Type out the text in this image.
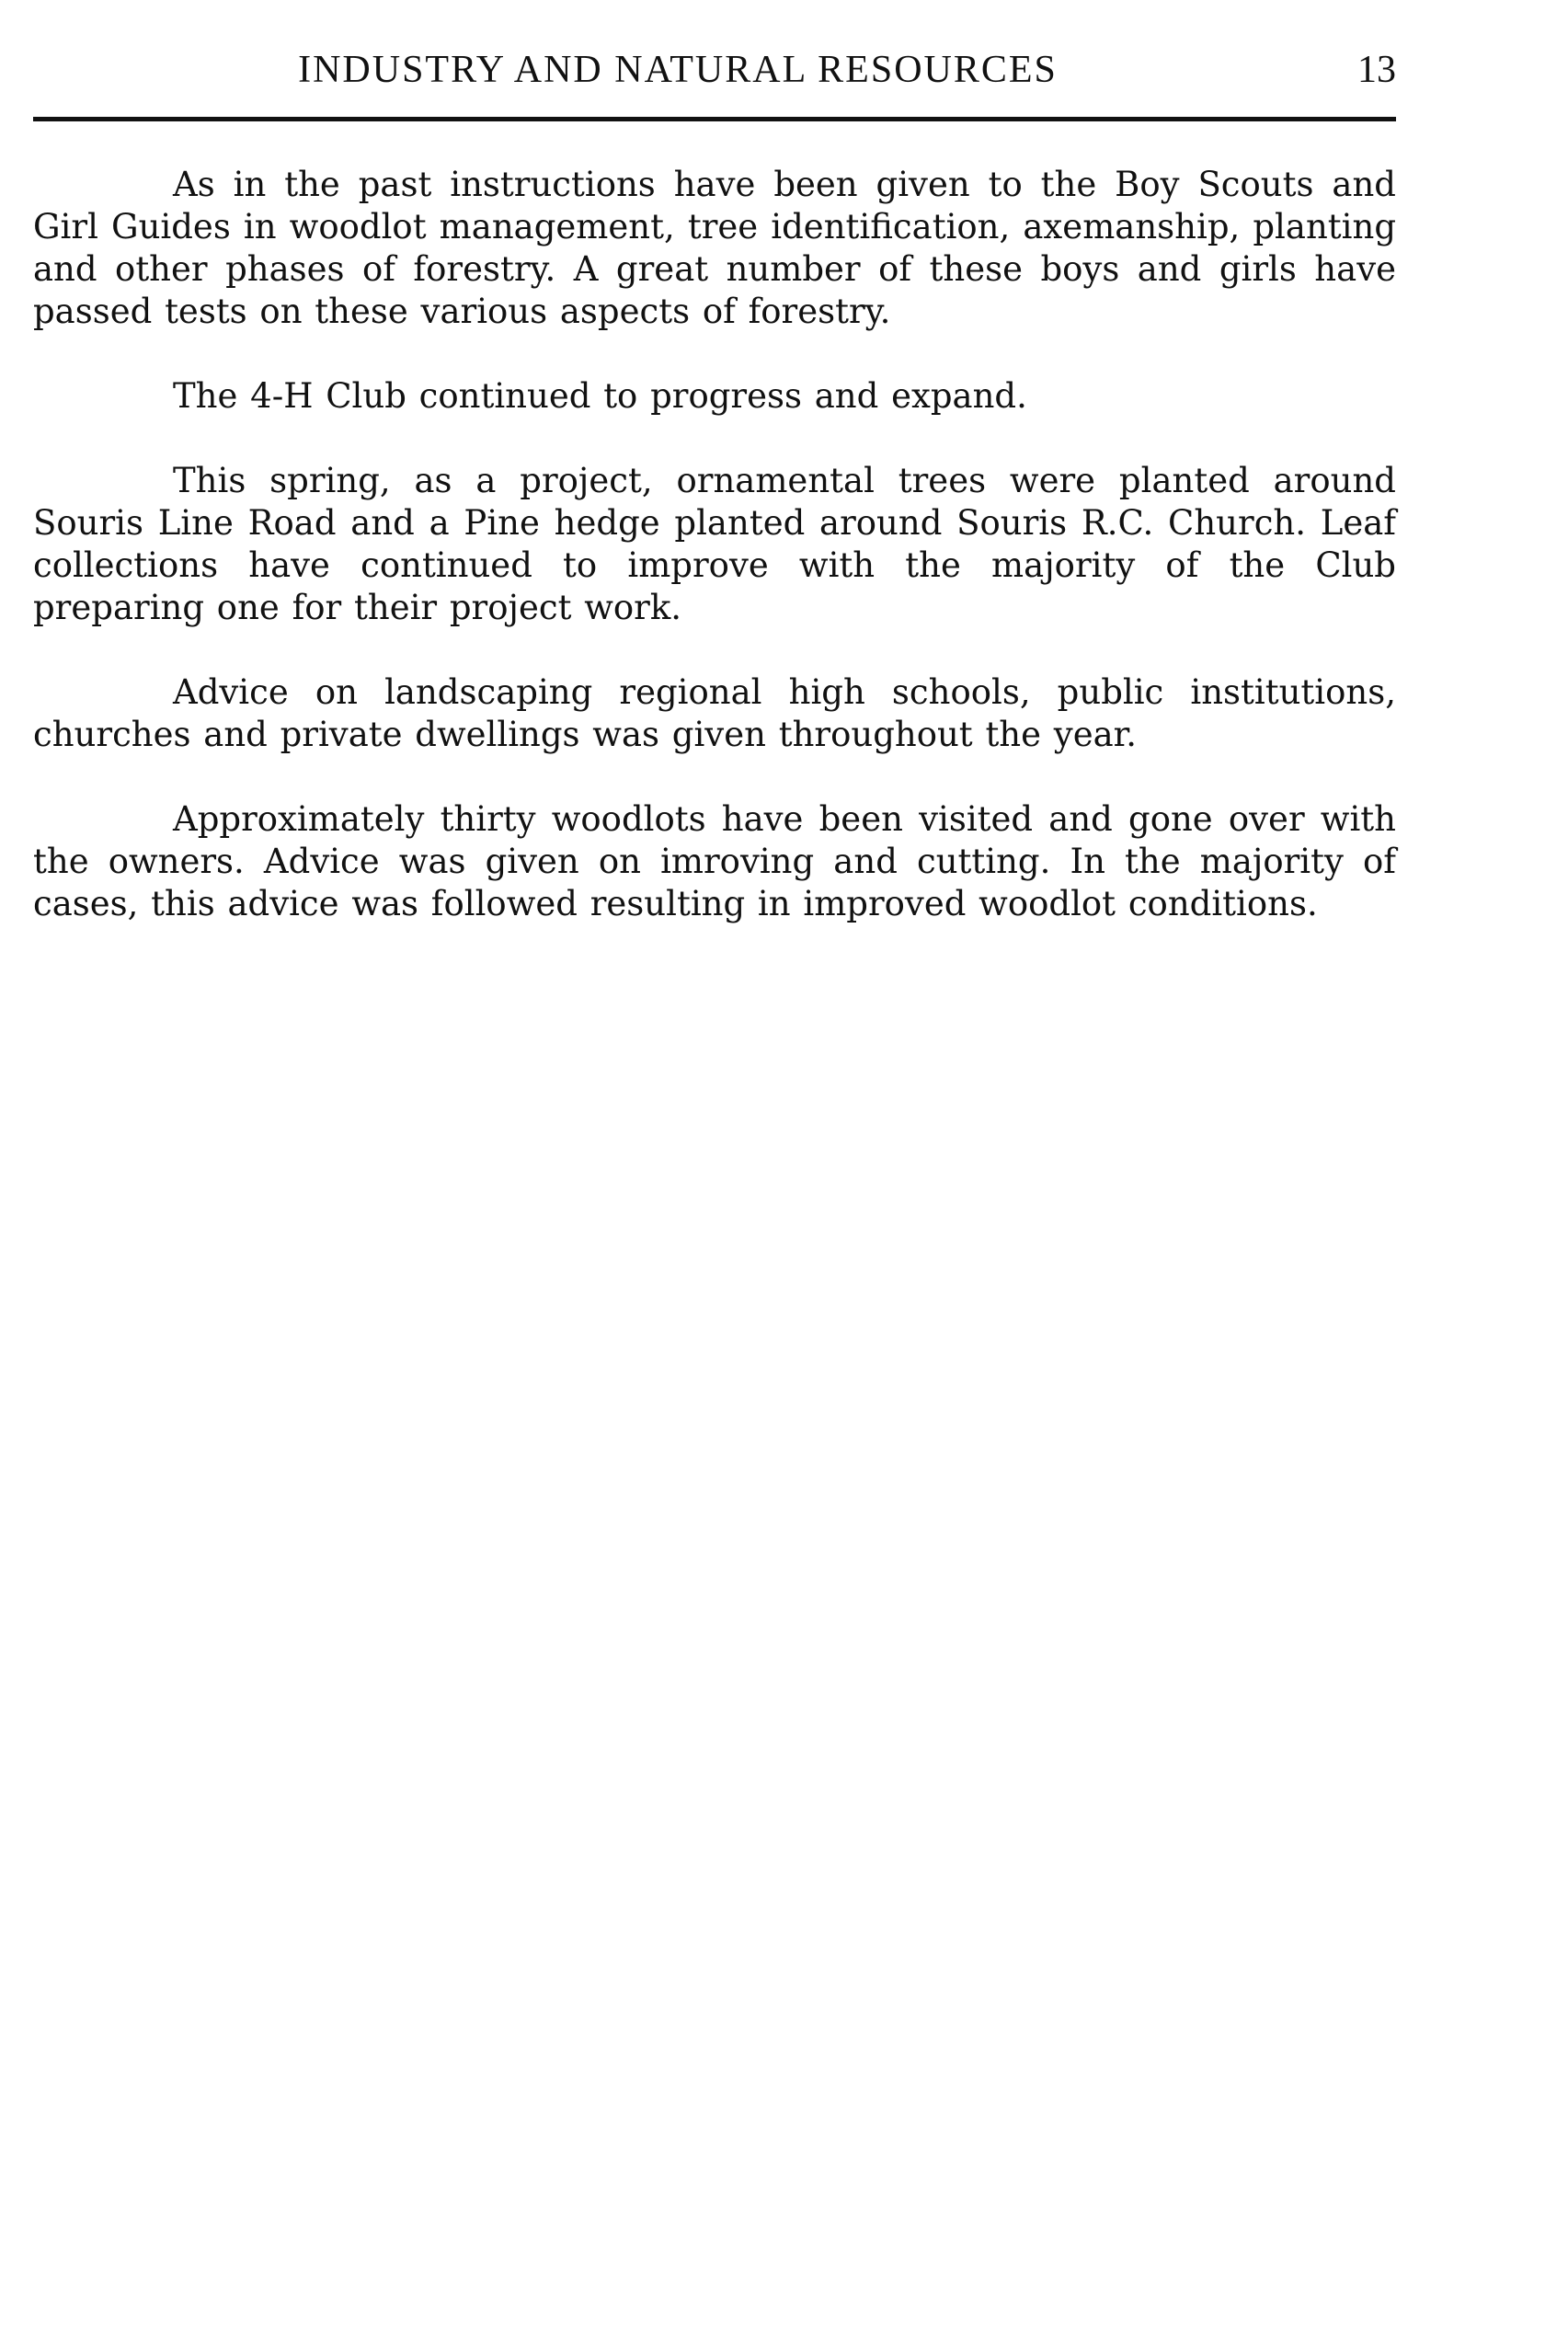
INDUSTRY AND NATURAL RESOURCES	13

As in the past instructions have been given to the Boy Scouts and Girl Guides in woodlot management, tree identification, axemanship, planting and other phases of forestry. A great number of these boys and girls have passed tests on these various aspects of forestry.

The 4-H Club continued to progress and expand.

This spring, as a project, ornamental trees were planted around Souris Line Road and a Pine hedge planted around Souris R.C. Church. Leaf collections have continued to improve with the majority of the Club preparing one for their project work.

Advice on landscaping regional high schools, public institutions, churches and private dwellings was given throughout the year.

Approximately thirty woodlots have been visited and gone over with the owners. Advice was given on imroving and cutting. In the majority of cases, this advice was followed resulting in improved woodlot conditions.
